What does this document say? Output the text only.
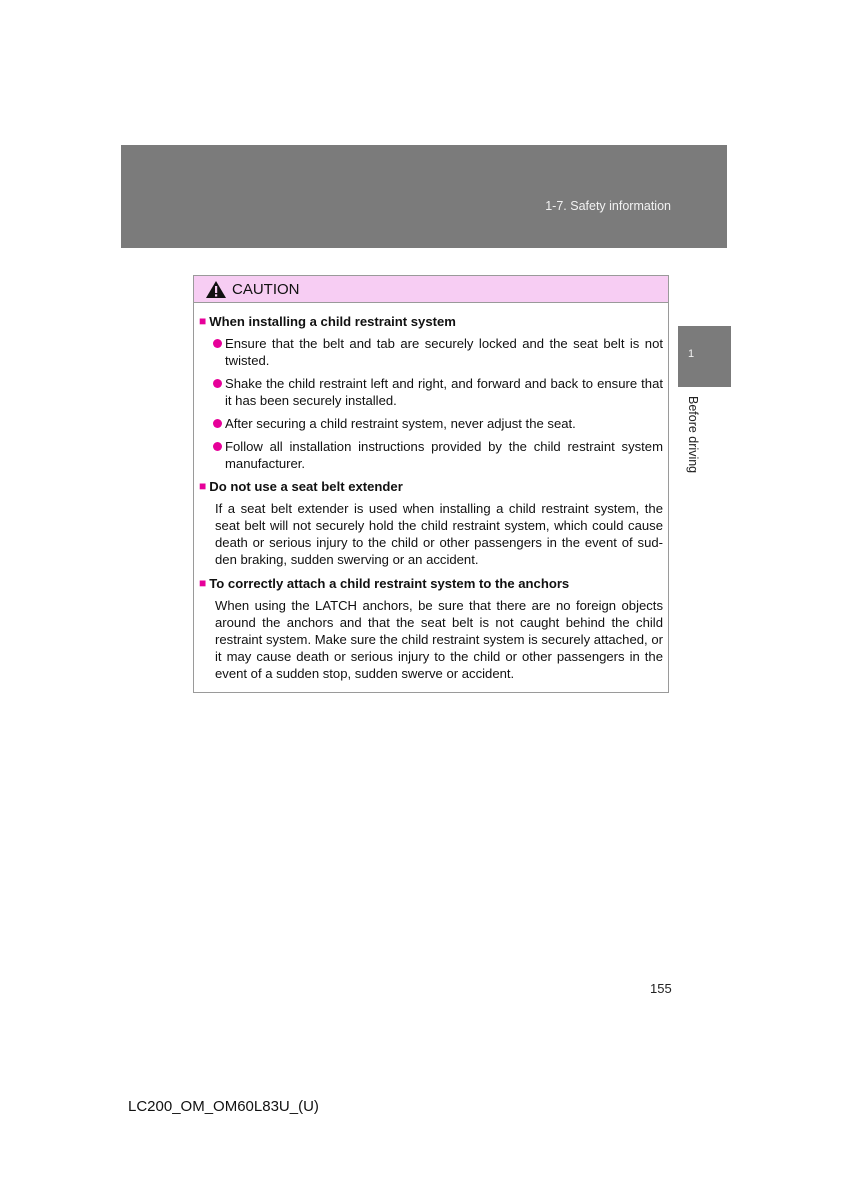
1-7. Safety information
1
Before driving
CAUTION
■ When installing a child restraint system
Ensure that the belt and tab are securely locked and the seat belt is not twisted.
Shake the child restraint left and right, and forward and back to ensure that it has been securely installed.
After securing a child restraint system, never adjust the seat.
Follow all installation instructions provided by the child restraint system manufacturer.
■ Do not use a seat belt extender
If a seat belt extender is used when installing a child restraint system, the seat belt will not securely hold the child restraint system, which could cause death or serious injury to the child or other passengers in the event of sud-den braking, sudden swerving or an accident.
■ To correctly attach a child restraint system to the anchors
When using the LATCH anchors, be sure that there are no foreign objects around the anchors and that the seat belt is not caught behind the child restraint system. Make sure the child restraint system is securely attached, or it may cause death or serious injury to the child or other passengers in the event of a sudden stop, sudden swerve or accident.
155
LC200_OM_OM60L83U_(U)
